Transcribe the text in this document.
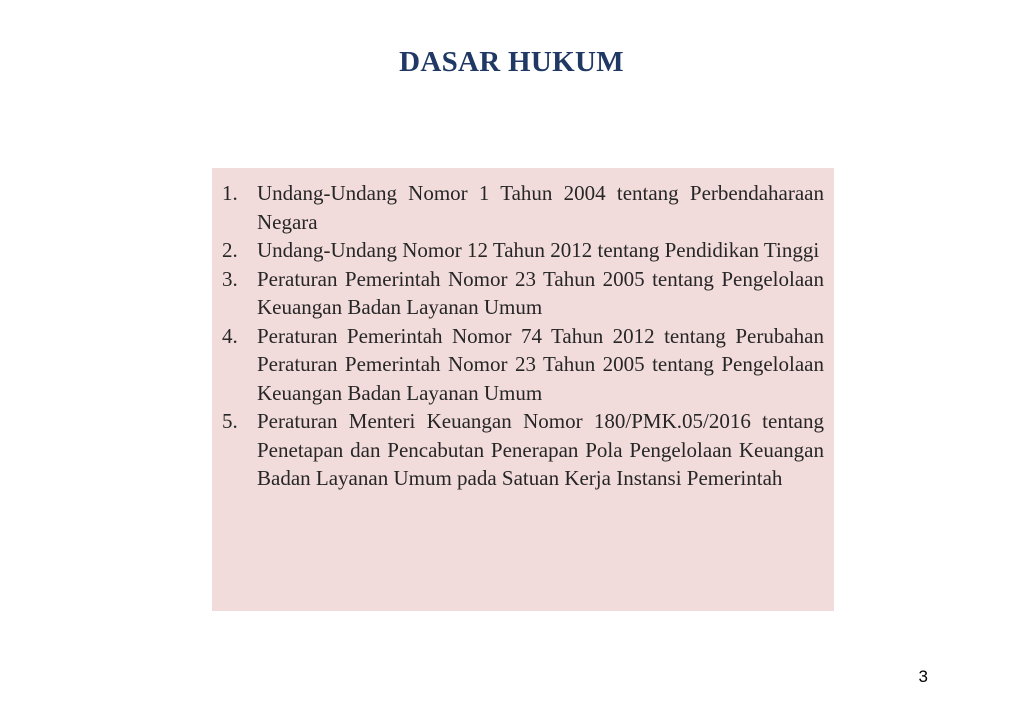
DASAR HUKUM
1. Undang-Undang Nomor 1 Tahun 2004 tentang Perbendaharaan Negara
2. Undang-Undang Nomor 12 Tahun 2012 tentang Pendidikan Tinggi
3. Peraturan Pemerintah Nomor 23 Tahun 2005 tentang Pengelolaan Keuangan Badan Layanan Umum
4. Peraturan Pemerintah Nomor 74 Tahun 2012 tentang Perubahan Peraturan Pemerintah Nomor 23 Tahun 2005 tentang Pengelolaan Keuangan Badan Layanan Umum
5. Peraturan Menteri Keuangan Nomor 180/PMK.05/2016 tentang Penetapan dan Pencabutan Penerapan Pola Pengelolaan Keuangan Badan Layanan Umum pada Satuan Kerja Instansi Pemerintah
3
